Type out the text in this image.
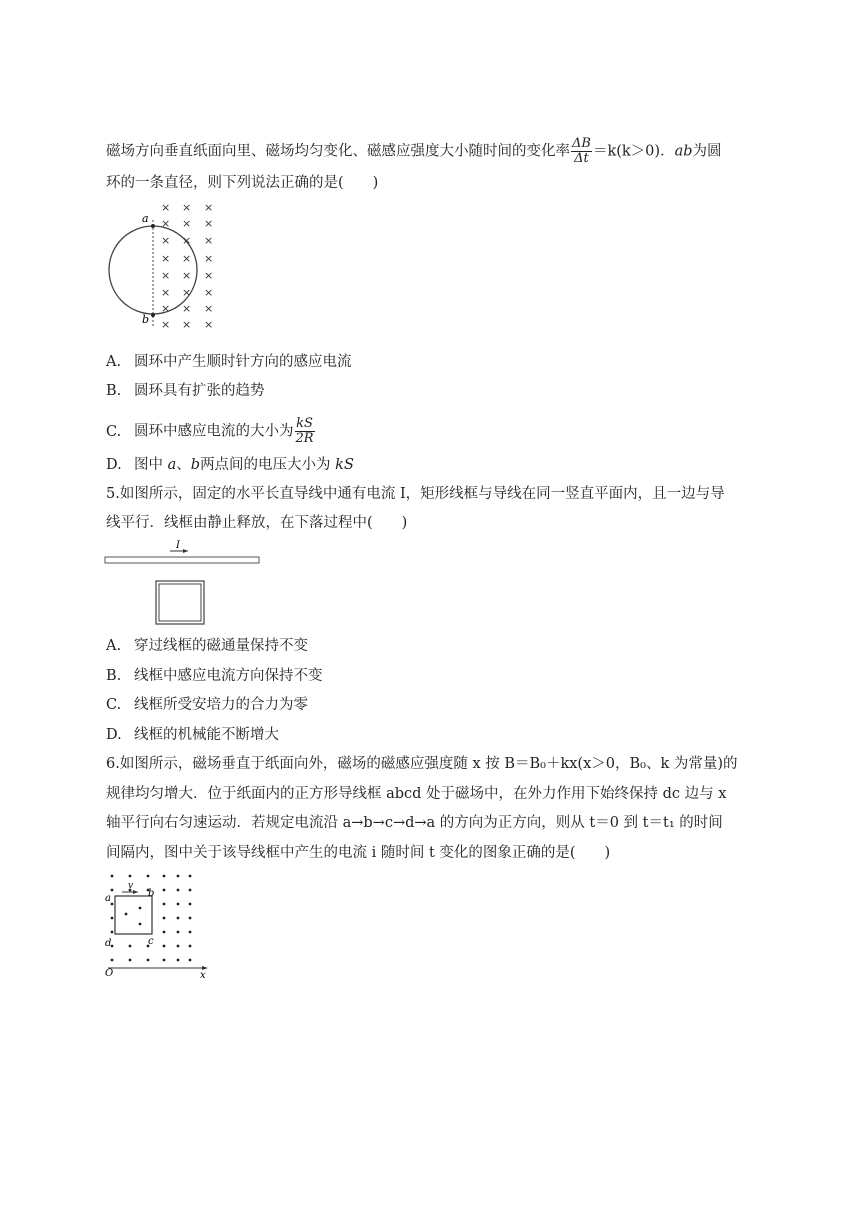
磁场方向垂直纸面向里、磁场均匀变化、磁感应强度大小随时间的变化率 $\frac{\Delta B}{\Delta t} =k(k>0)$．ab为圆
环的一条直径，则下列说法正确的是(　　)
a
b
×
×
×
×
×
×
×
×
×
×
×
×
×
×
×
×
×
×
×
×
×
×
×
×
A. 圆环中产生顺时针方向的感应电流
B. 圆环具有扩张的趋势
C. 圆环中感应电流的大小为 $\frac{kS}{2R}$
D. 图中 a、b两点间的电压大小为 kS
5.如图所示，固定的水平长直导线中通有电流 I，矩形线框与导线在同一竖直平面内，且一边与导
线平行．线框由静止释放，在下落过程中(　　)
I
A. 穿过线框的磁通量保持不变
B. 线框中感应电流方向保持不变
C. 线框所受安培力的合力为零
D. 线框的机械能不断增大
6.如图所示，磁场垂直于纸面向外，磁场的磁感应强度随 x 按 B＝B₀＋kx(x＞0，B₀、k 为常量)的
规律均匀增大．位于纸面内的正方形导线框 abcd 处于磁场中，在外力作用下始终保持 dc 边与 x
轴平行向右匀速运动．若规定电流沿 a→b→c→d→a 的方向为正方向，则从 t＝0 到 t＝t₁ 的时间
间隔内，图中关于该导线框中产生的电流 i 随时间 t 变化的图象正确的是(　　)
v
a	b
c
d
O	x
